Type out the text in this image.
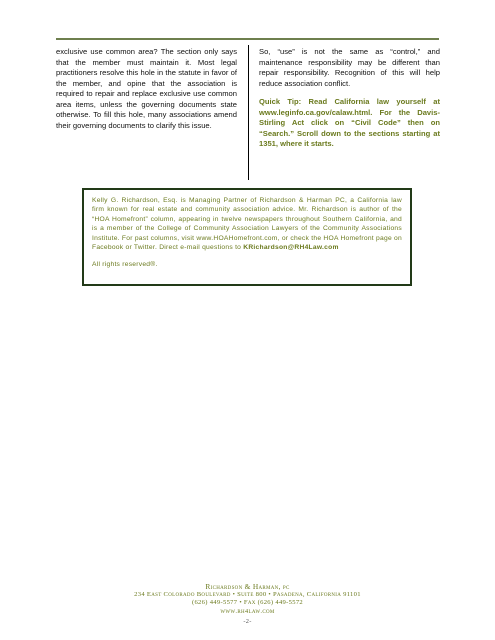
exclusive use common area? The section only says that the member must maintain it. Most legal practitioners resolve this hole in the statute in favor of the member, and opine that the association is required to repair and replace exclusive use common area items, unless the governing documents state otherwise. To fill this hole, many associations amend their governing documents to clarify this issue.

So, “use” is not the same as “control,” and maintenance responsibility may be different than repair responsibility. Recognition of this will help reduce association conflict.

Quick Tip: Read California law yourself at www.leginfo.ca.gov/calaw.html. For the Davis-Stirling Act click on “Civil Code” then on “Search.” Scroll down to the sections starting at 1351, where it starts.

Kelly G. Richardson, Esq. is Managing Partner of Richardson & Harman PC, a California law firm known for real estate and community association advice. Mr. Richardson is author of the “HOA Homefront” column, appearing in twelve newspapers throughout Southern California, and is a member of the College of Community Association Lawyers of the Community Associations Institute. For past columns, visit www.HOAHomefront.com, or check the HOA Homefront page on Facebook or Twitter. Direct e-mail questions to KRichardson@RH4Law.com

All rights reserved®.

Richardson & Harman, pc
234 East Colorado Boulevard • Suite 800 • Pasadena, California 91101
(626) 449-5577 • Fax (626) 449-5572
www.rh4law.com
-2-
